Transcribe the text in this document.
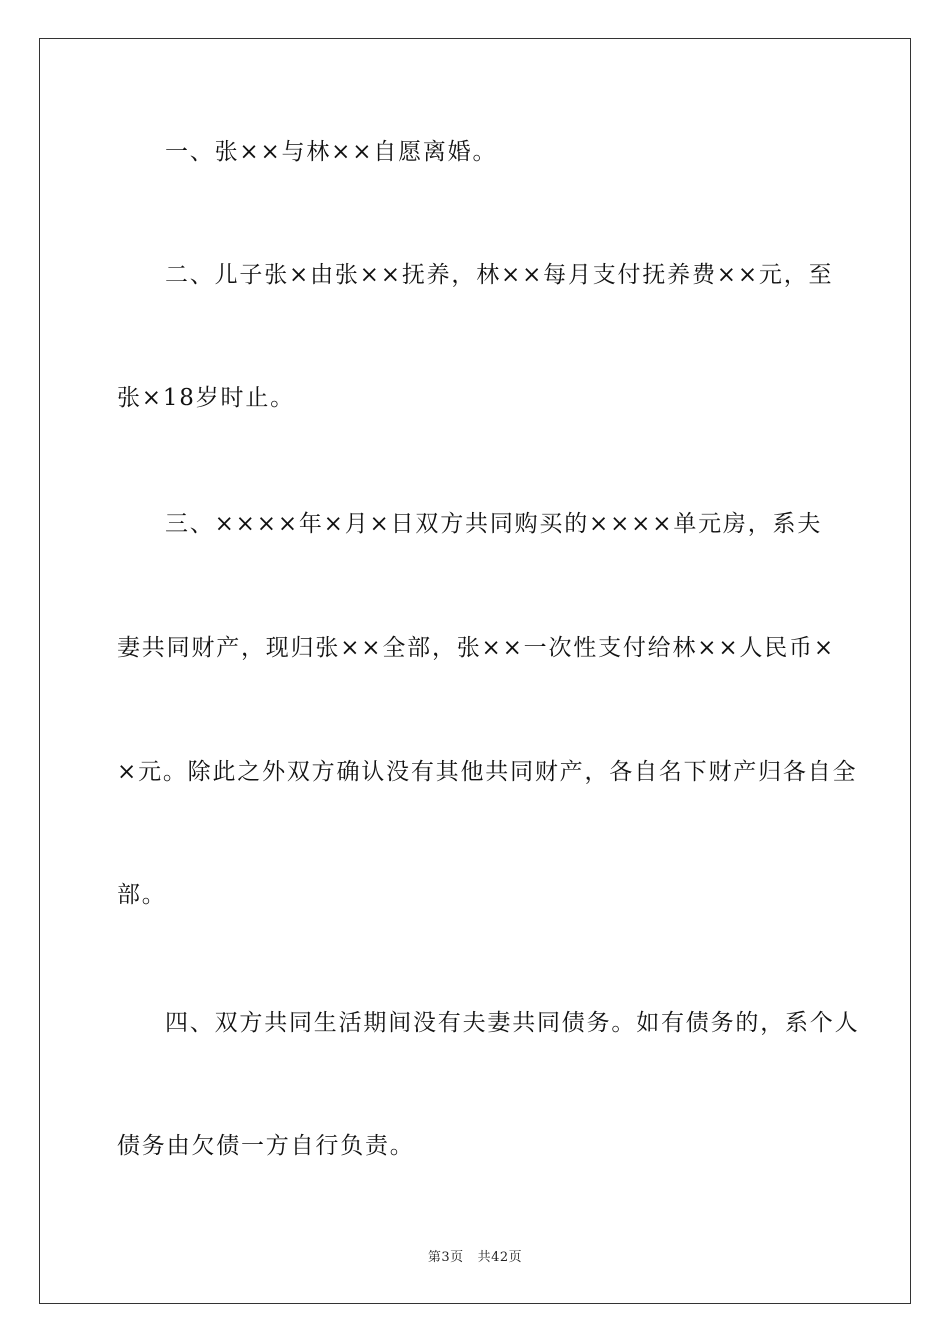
一、张××与林××自愿离婚。
二、儿子张×由张××抚养，林××每月支付抚养费××元，至
张×18岁时止。
三、××××年×月×日双方共同购买的××××单元房，系夫
妻共同财产，现归张××全部，张××一次性支付给林××人民币×
×元。除此之外双方确认没有其他共同财产，各自名下财产归各自全
部。
四、双方共同生活期间没有夫妻共同债务。如有债务的，系个人
债务由欠债一方自行负责。
第3页 共42页
